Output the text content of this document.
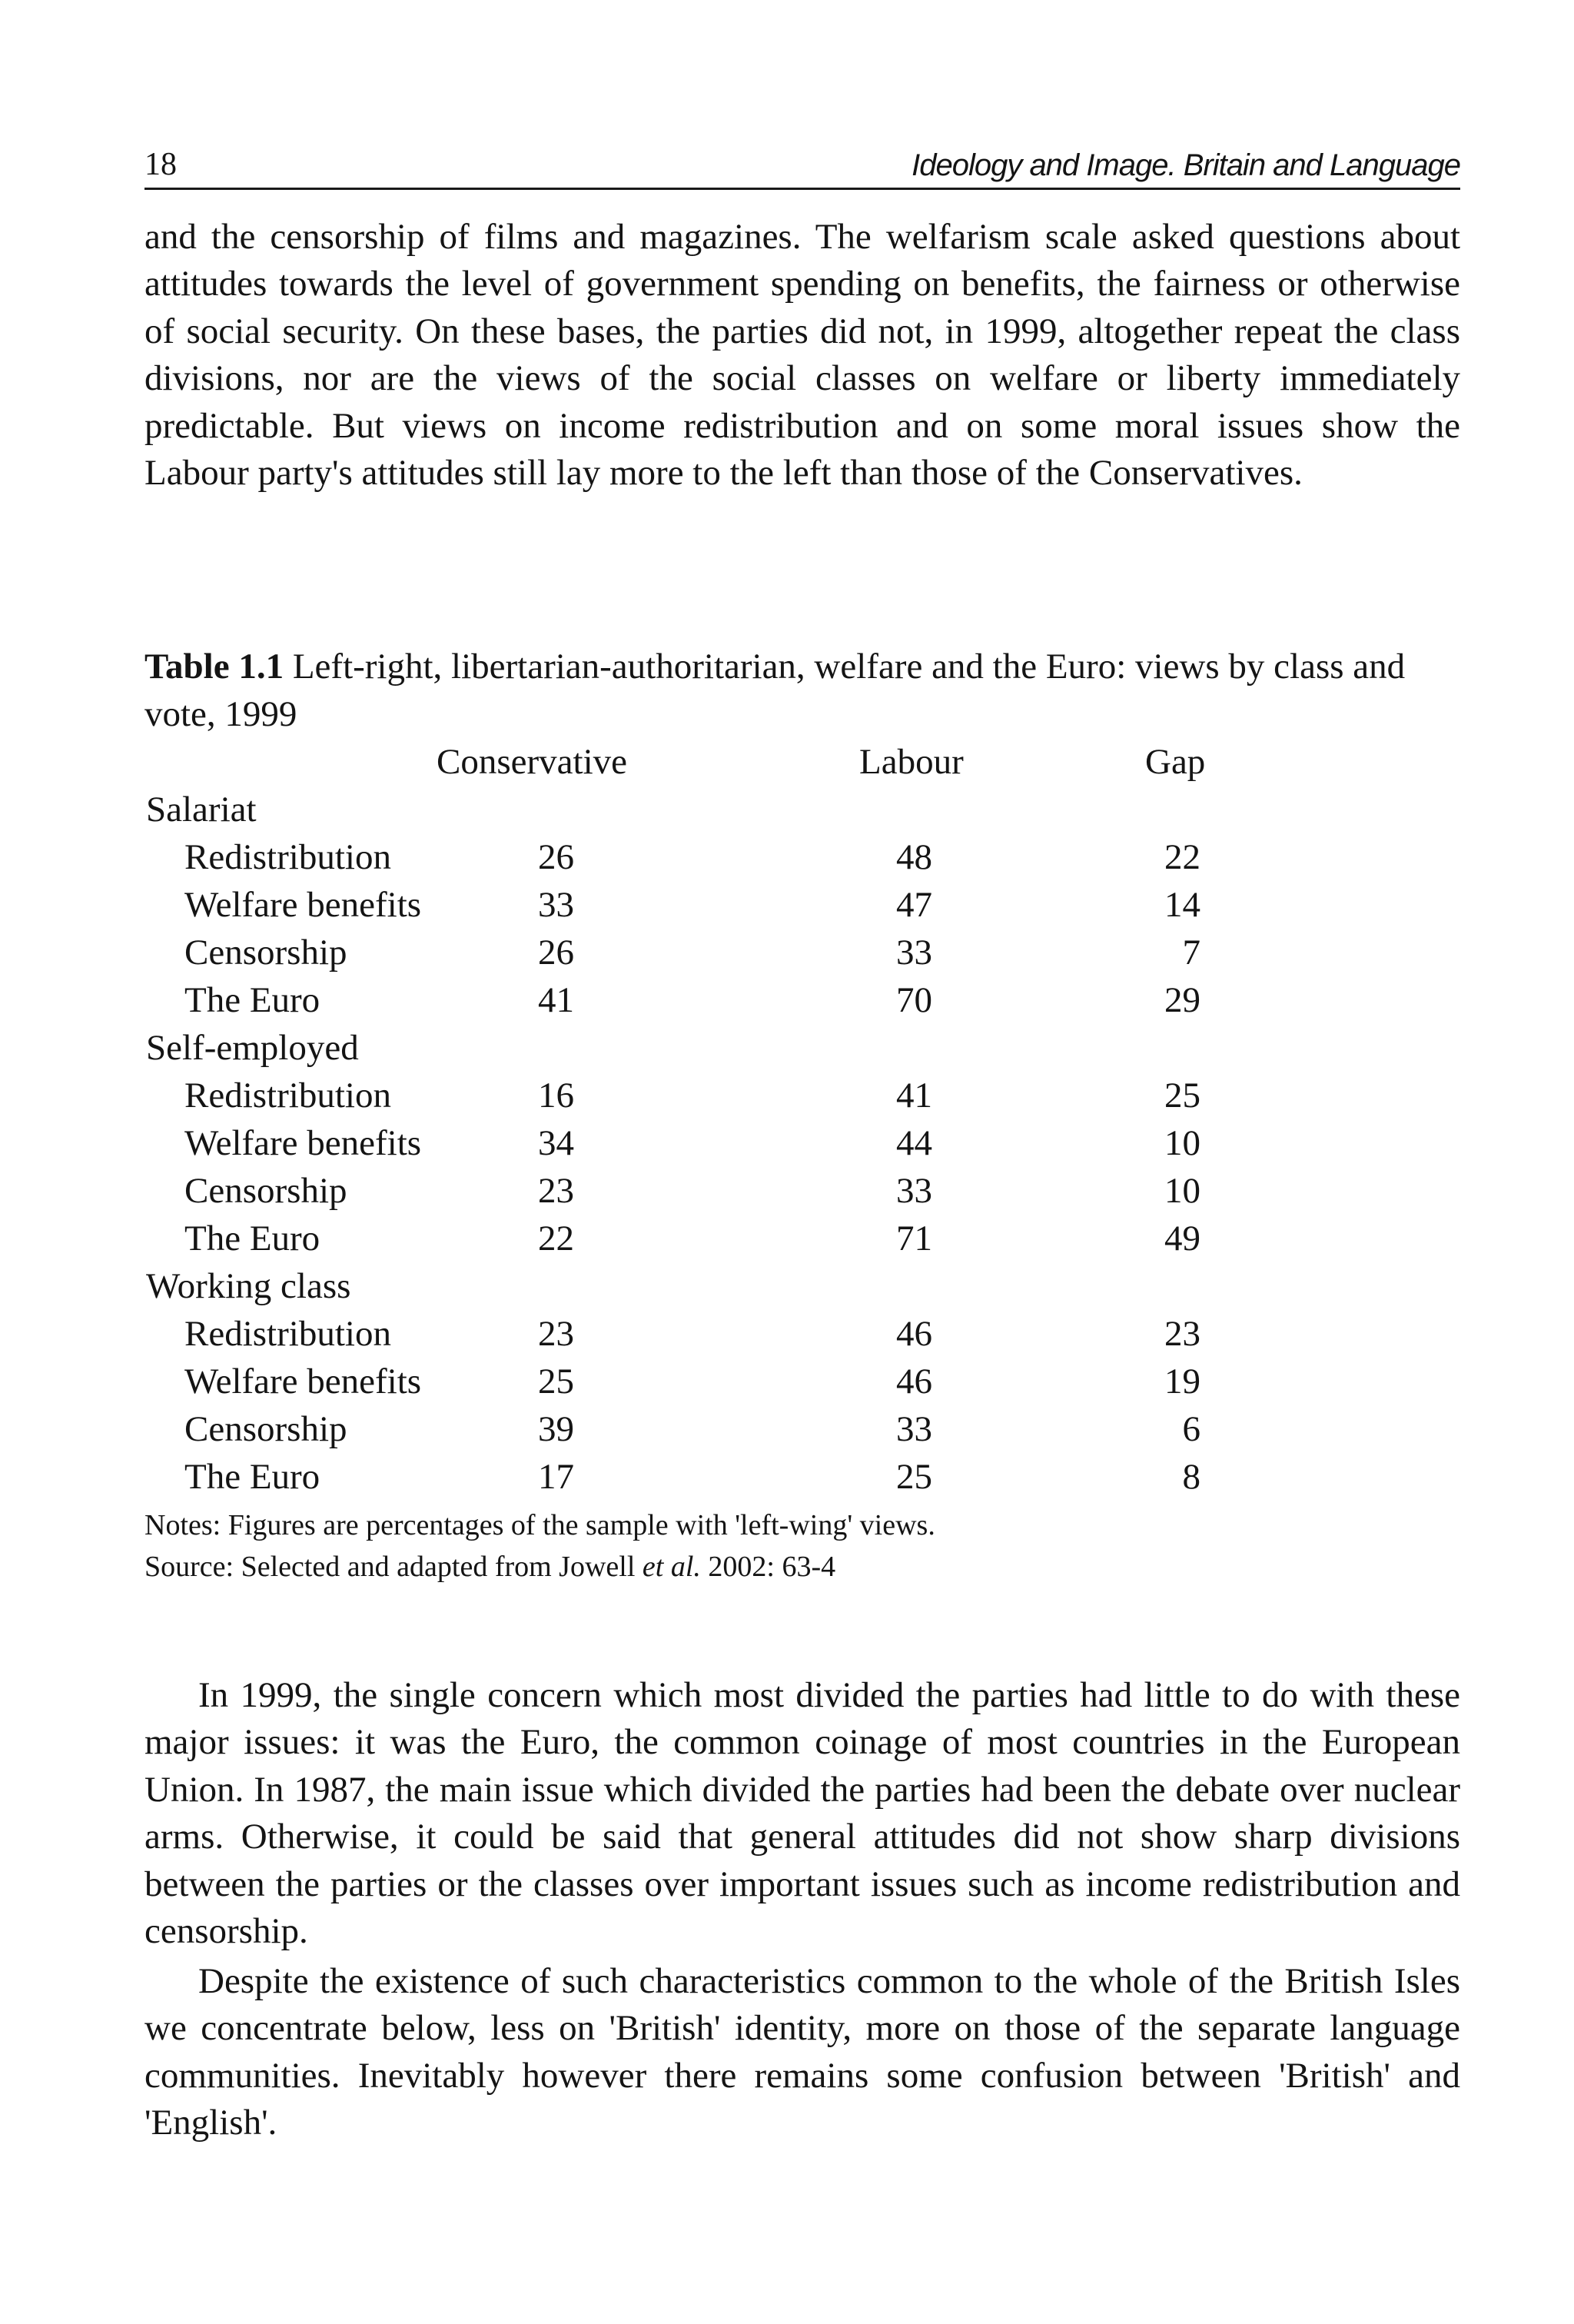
18	Ideology and Image. Britain and Language

and the censorship of films and magazines. The welfarism scale asked questions about attitudes towards the level of government spending on benefits, the fairness or otherwise of social security. On these bases, the parties did not, in 1999, altogether repeat the class divisions, nor are the views of the social classes on welfare or liberty immediately predictable. But views on income redistribution and on some moral issues show the Labour party's attitudes still lay more to the left than those of the Conservatives.

Table 1.1 Left-right, libertarian-authoritarian, welfare and the Euro: views by class and vote, 1999
Conservative	Labour	Gap
Salariat
Redistribution	26	48	22
Welfare benefits	33	47	14
Censorship	26	33	7
The Euro	41	70	29
Self-employed
Redistribution	16	41	25
Welfare benefits	34	44	10
Censorship	23	33	10
The Euro	22	71	49
Working class
Redistribution	23	46	23
Welfare benefits	25	46	19
Censorship	39	33	6
The Euro	17	25	8
Notes: Figures are percentages of the sample with 'left-wing' views.
Source: Selected and adapted from Jowell et al. 2002: 63-4

In 1999, the single concern which most divided the parties had little to do with these major issues: it was the Euro, the common coinage of most countries in the European Union. In 1987, the main issue which divided the parties had been the debate over nuclear arms. Otherwise, it could be said that general attitudes did not show sharp divisions between the parties or the classes over important issues such as income redistribution and censorship.

Despite the existence of such characteristics common to the whole of the British Isles we concentrate below, less on 'British' identity, more on those of the separate language communities. Inevitably however there remains some confusion between 'British' and 'English'.
